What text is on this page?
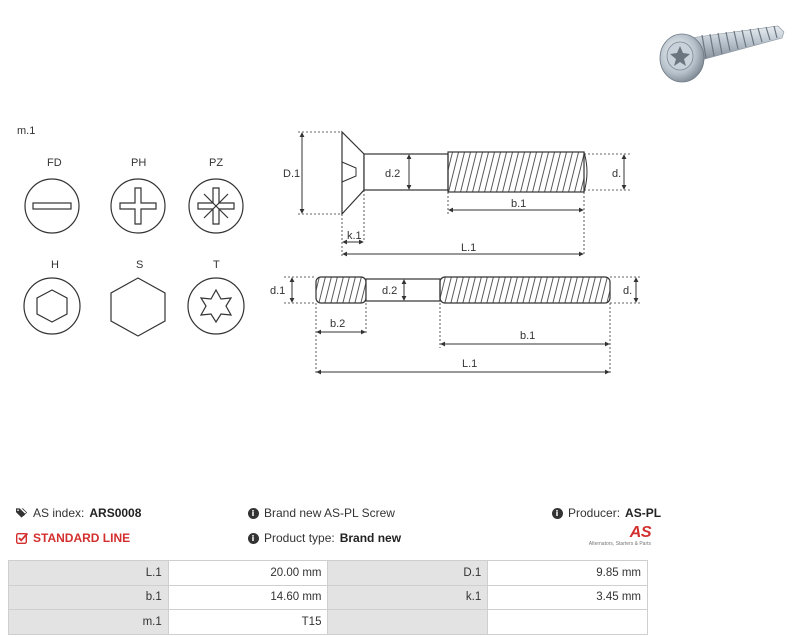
m.1
FD	PH	PZ
H	S	T
D.1	d.2	d.
b.1
k.1
L.1
d.1	d.2	d.
b.2
b.1
L.1
AS index: ARS0008
STANDARD LINE
i Brand new AS-PL Screw
i Product type: Brand new
i Producer: AS-PL
AS
Alternators, Starters & Parts
L.1	20.00 mm	D.1	9.85 mm
b.1	14.60 mm	k.1	3.45 mm
m.1	T15		
